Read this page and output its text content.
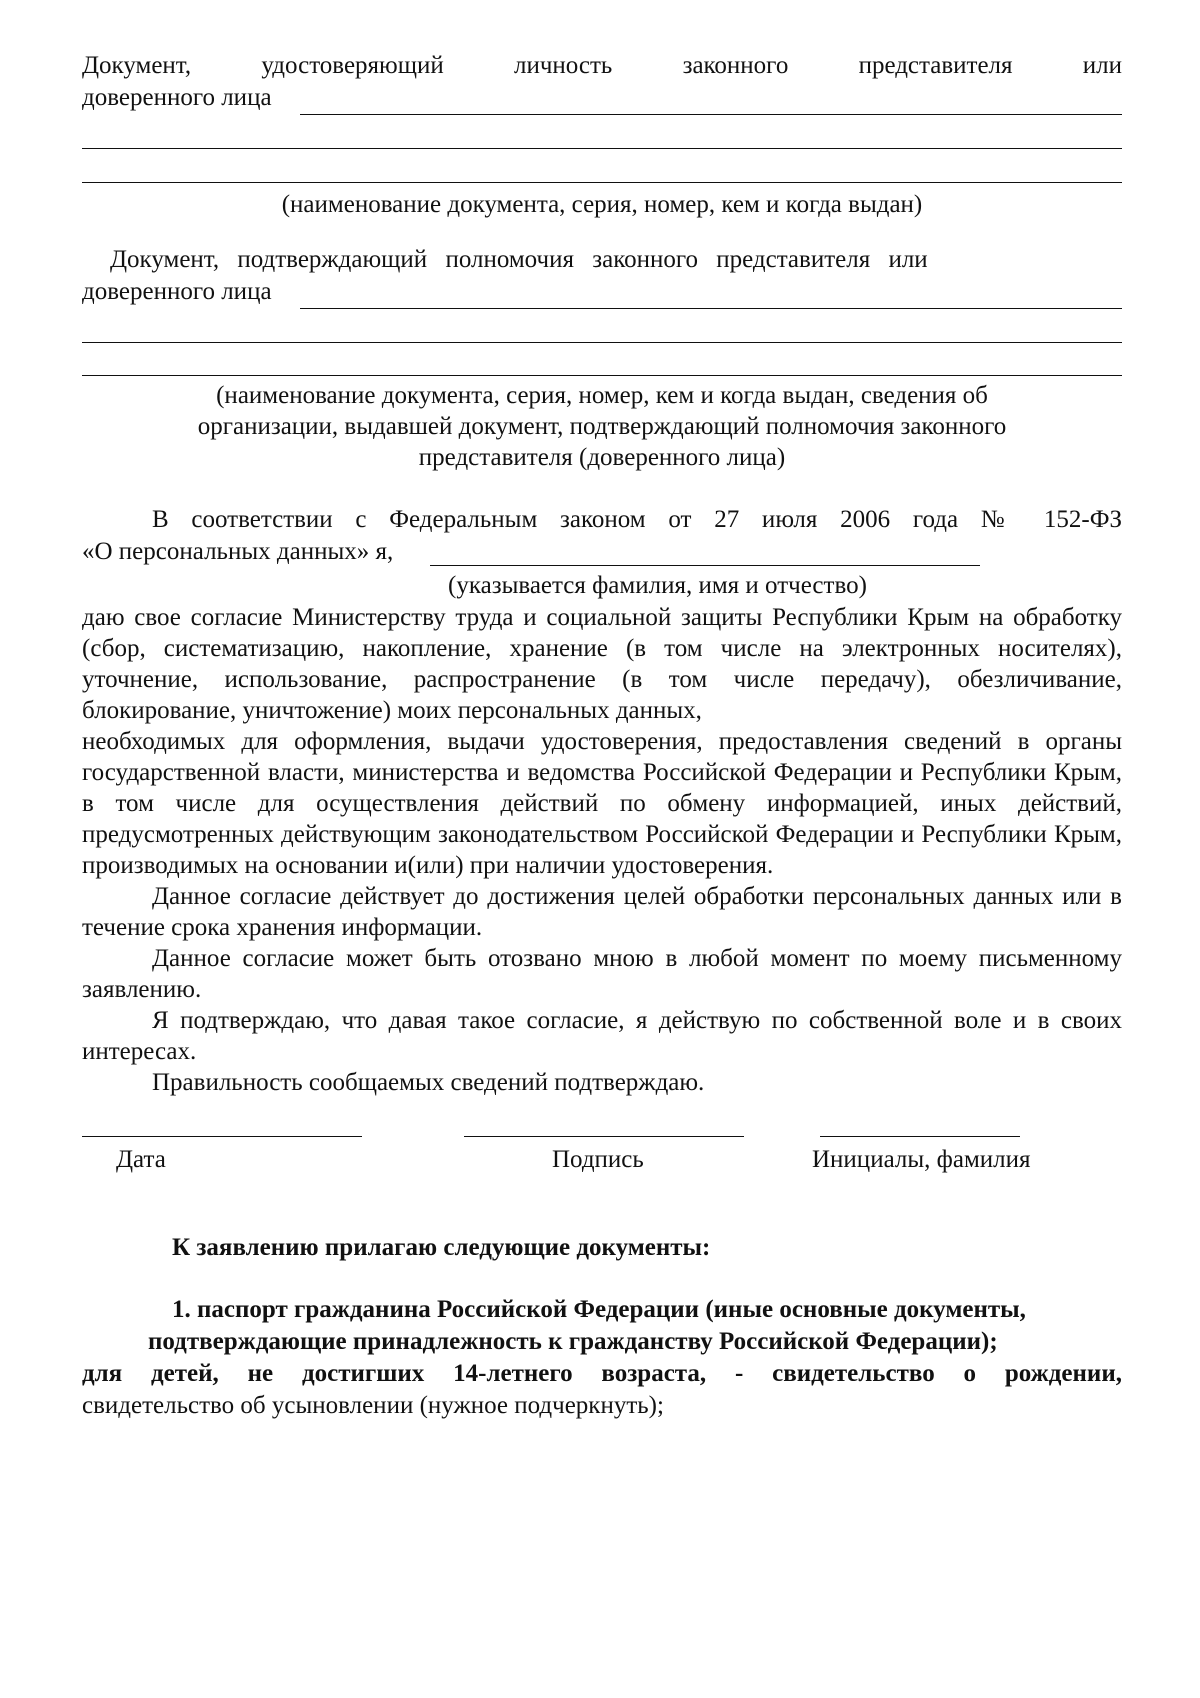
Документ,	удостоверяющий	личность	законного	представителя	или
доверенного лица
(наименование документа, серия, номер, кем и когда выдан)
Документ, подтверждающий полномочия законного представителя или
доверенного лица
(наименование документа, серия, номер, кем и когда выдан, сведения об
организации, выдавшей документ, подтверждающий полномочия законного
представителя (доверенного лица)
В соответствии с Федеральным законом от 27 июля 2006 года № 152-ФЗ
«О персональных данных» я,
(указывается фамилия, имя и отчество)

даю свое согласие Министерству труда и социальной защиты Республики Крым на обработку (сбор, систематизацию, накопление, хранение (в том числе на электронных носителях), уточнение, использование, распространение (в том числе передачу), обезличивание, блокирование, уничтожение) моих персональных данных,

необходимых для оформления, выдачи удостоверения, предоставления сведений в органы государственной власти, министерства и ведомства Российской Федерации и Республики Крым, в том числе для осуществления действий по обмену информацией, иных действий, предусмотренных действующим законодательством Российской Федерации и Республики Крым, производимых на основании и(или) при наличии удостоверения.

Данное согласие действует до достижения целей обработки персональных данных или в течение срока хранения информации.

Данное согласие может быть отозвано мною в любой момент по моему письменному заявлению.

Я подтверждаю, что давая такое согласие, я действую по собственной воле и в своих интересах.

Правильность сообщаемых сведений подтверждаю.

Дата	Подпись	Инициалы, фамилия
К заявлению прилагаю следующие документы:
1. паспорт гражданина Российской Федерации (иные основные документы,
подтверждающие принадлежность к гражданству Российской Федерации);
для детей, не достигших 14-летнего возраста, - свидетельство о рождении,
свидетельство об усыновлении (нужное подчеркнуть);
